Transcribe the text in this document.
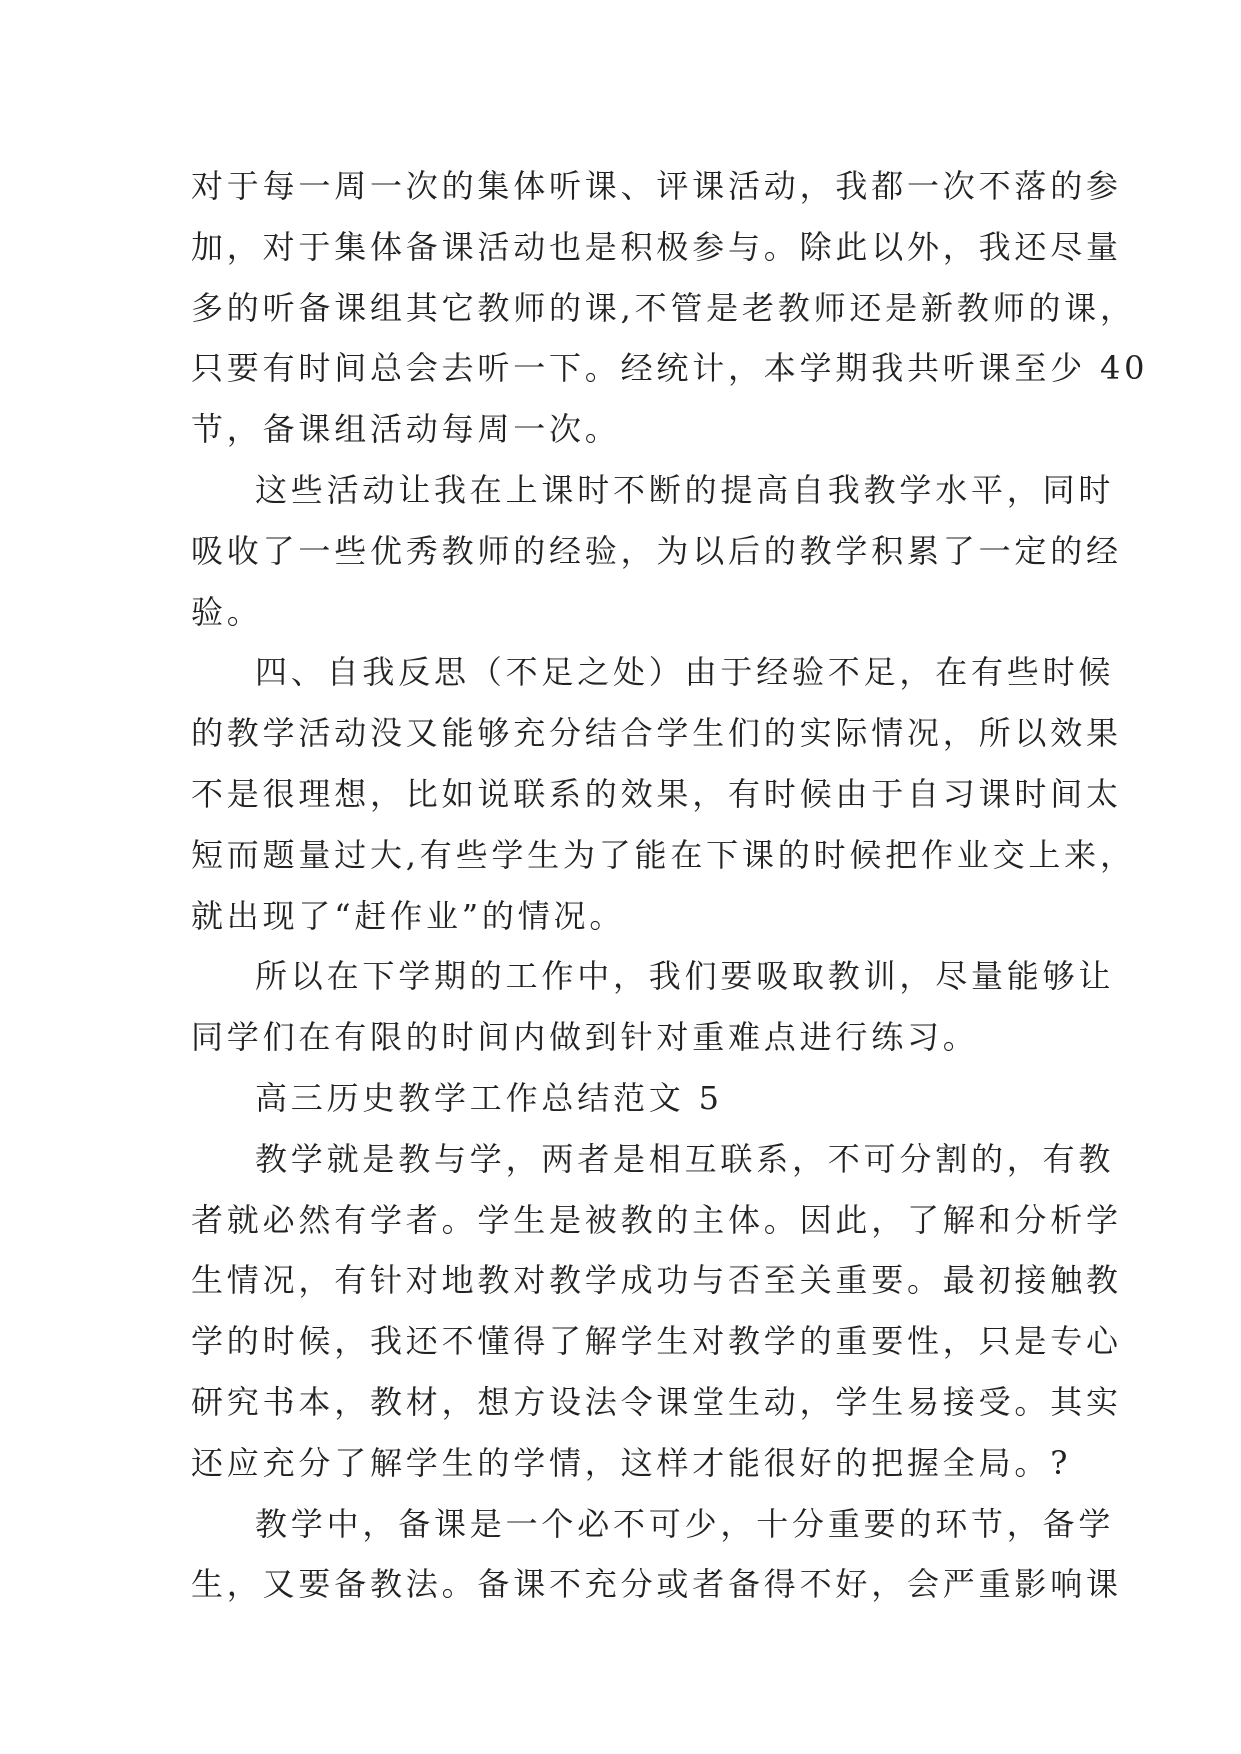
对于每一周一次的集体听课、评课活动，我都一次不落的参
加，对于集体备课活动也是积极参与。除此以外，我还尽量
多的听备课组其它教师的课,不管是老教师还是新教师的课，
只要有时间总会去听一下。经统计，本学期我共听课至少 40
节，备课组活动每周一次。
这些活动让我在上课时不断的提高自我教学水平，同时
吸收了一些优秀教师的经验，为以后的教学积累了一定的经
验。
四、自我反思（不足之处）由于经验不足，在有些时候
的教学活动没又能够充分结合学生们的实际情况，所以效果
不是很理想，比如说联系的效果，有时候由于自习课时间太
短而题量过大,有些学生为了能在下课的时候把作业交上来，
就出现了“赶作业”的情况。
所以在下学期的工作中，我们要吸取教训，尽量能够让
同学们在有限的时间内做到针对重难点进行练习。
高三历史教学工作总结范文 5
教学就是教与学，两者是相互联系，不可分割的，有教
者就必然有学者。学生是被教的主体。因此，了解和分析学
生情况，有针对地教对教学成功与否至关重要。最初接触教
学的时候，我还不懂得了解学生对教学的重要性，只是专心
研究书本，教材，想方设法令课堂生动，学生易接受。其实
还应充分了解学生的学情，这样才能很好的把握全局。?
教学中，备课是一个必不可少，十分重要的环节，备学
生，又要备教法。备课不充分或者备得不好，会严重影响课
